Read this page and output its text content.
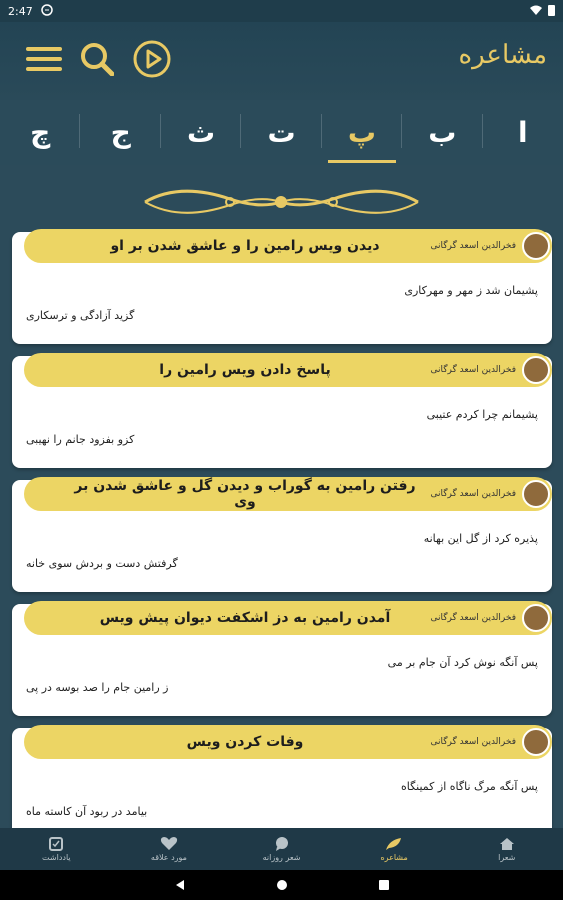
2:47
مشاعره
ا
ب
پ
ت
ث
ج
چ
فخرالدین اسعد گرگانی
دیدن ویس رامین را و عاشق شدن بر او
پشیمان شد ز مهر و مهرکاری
گزید آزادگی و ترسکاری
فخرالدین اسعد گرگانی
پاسخ دادن ویس رامین را
پشیمانم چرا کردم عتیبی
کزو بفزود جانم را نهیبی
فخرالدین اسعد گرگانی
رفتن رامین به گوراب و دیدن گل و عاشق شدن بر وی
پذیره کرد از گل این بهانه
گرفتش دست و بردش سوی خانه
فخرالدین اسعد گرگانی
آمدن رامین به دز اشکفت دیوان پیش ویس
پس آنگه نوش کرد آن جام بر می
ز رامین جام را صد بوسه در پی
فخرالدین اسعد گرگانی
وفات کردن ویس
پس آنگه مرگ ناگاه از کمینگاه
بیامد در ربود آن کاسته ماه
شعرا
مشاعره
شعر روزانه
مورد علاقه
یادداشت
